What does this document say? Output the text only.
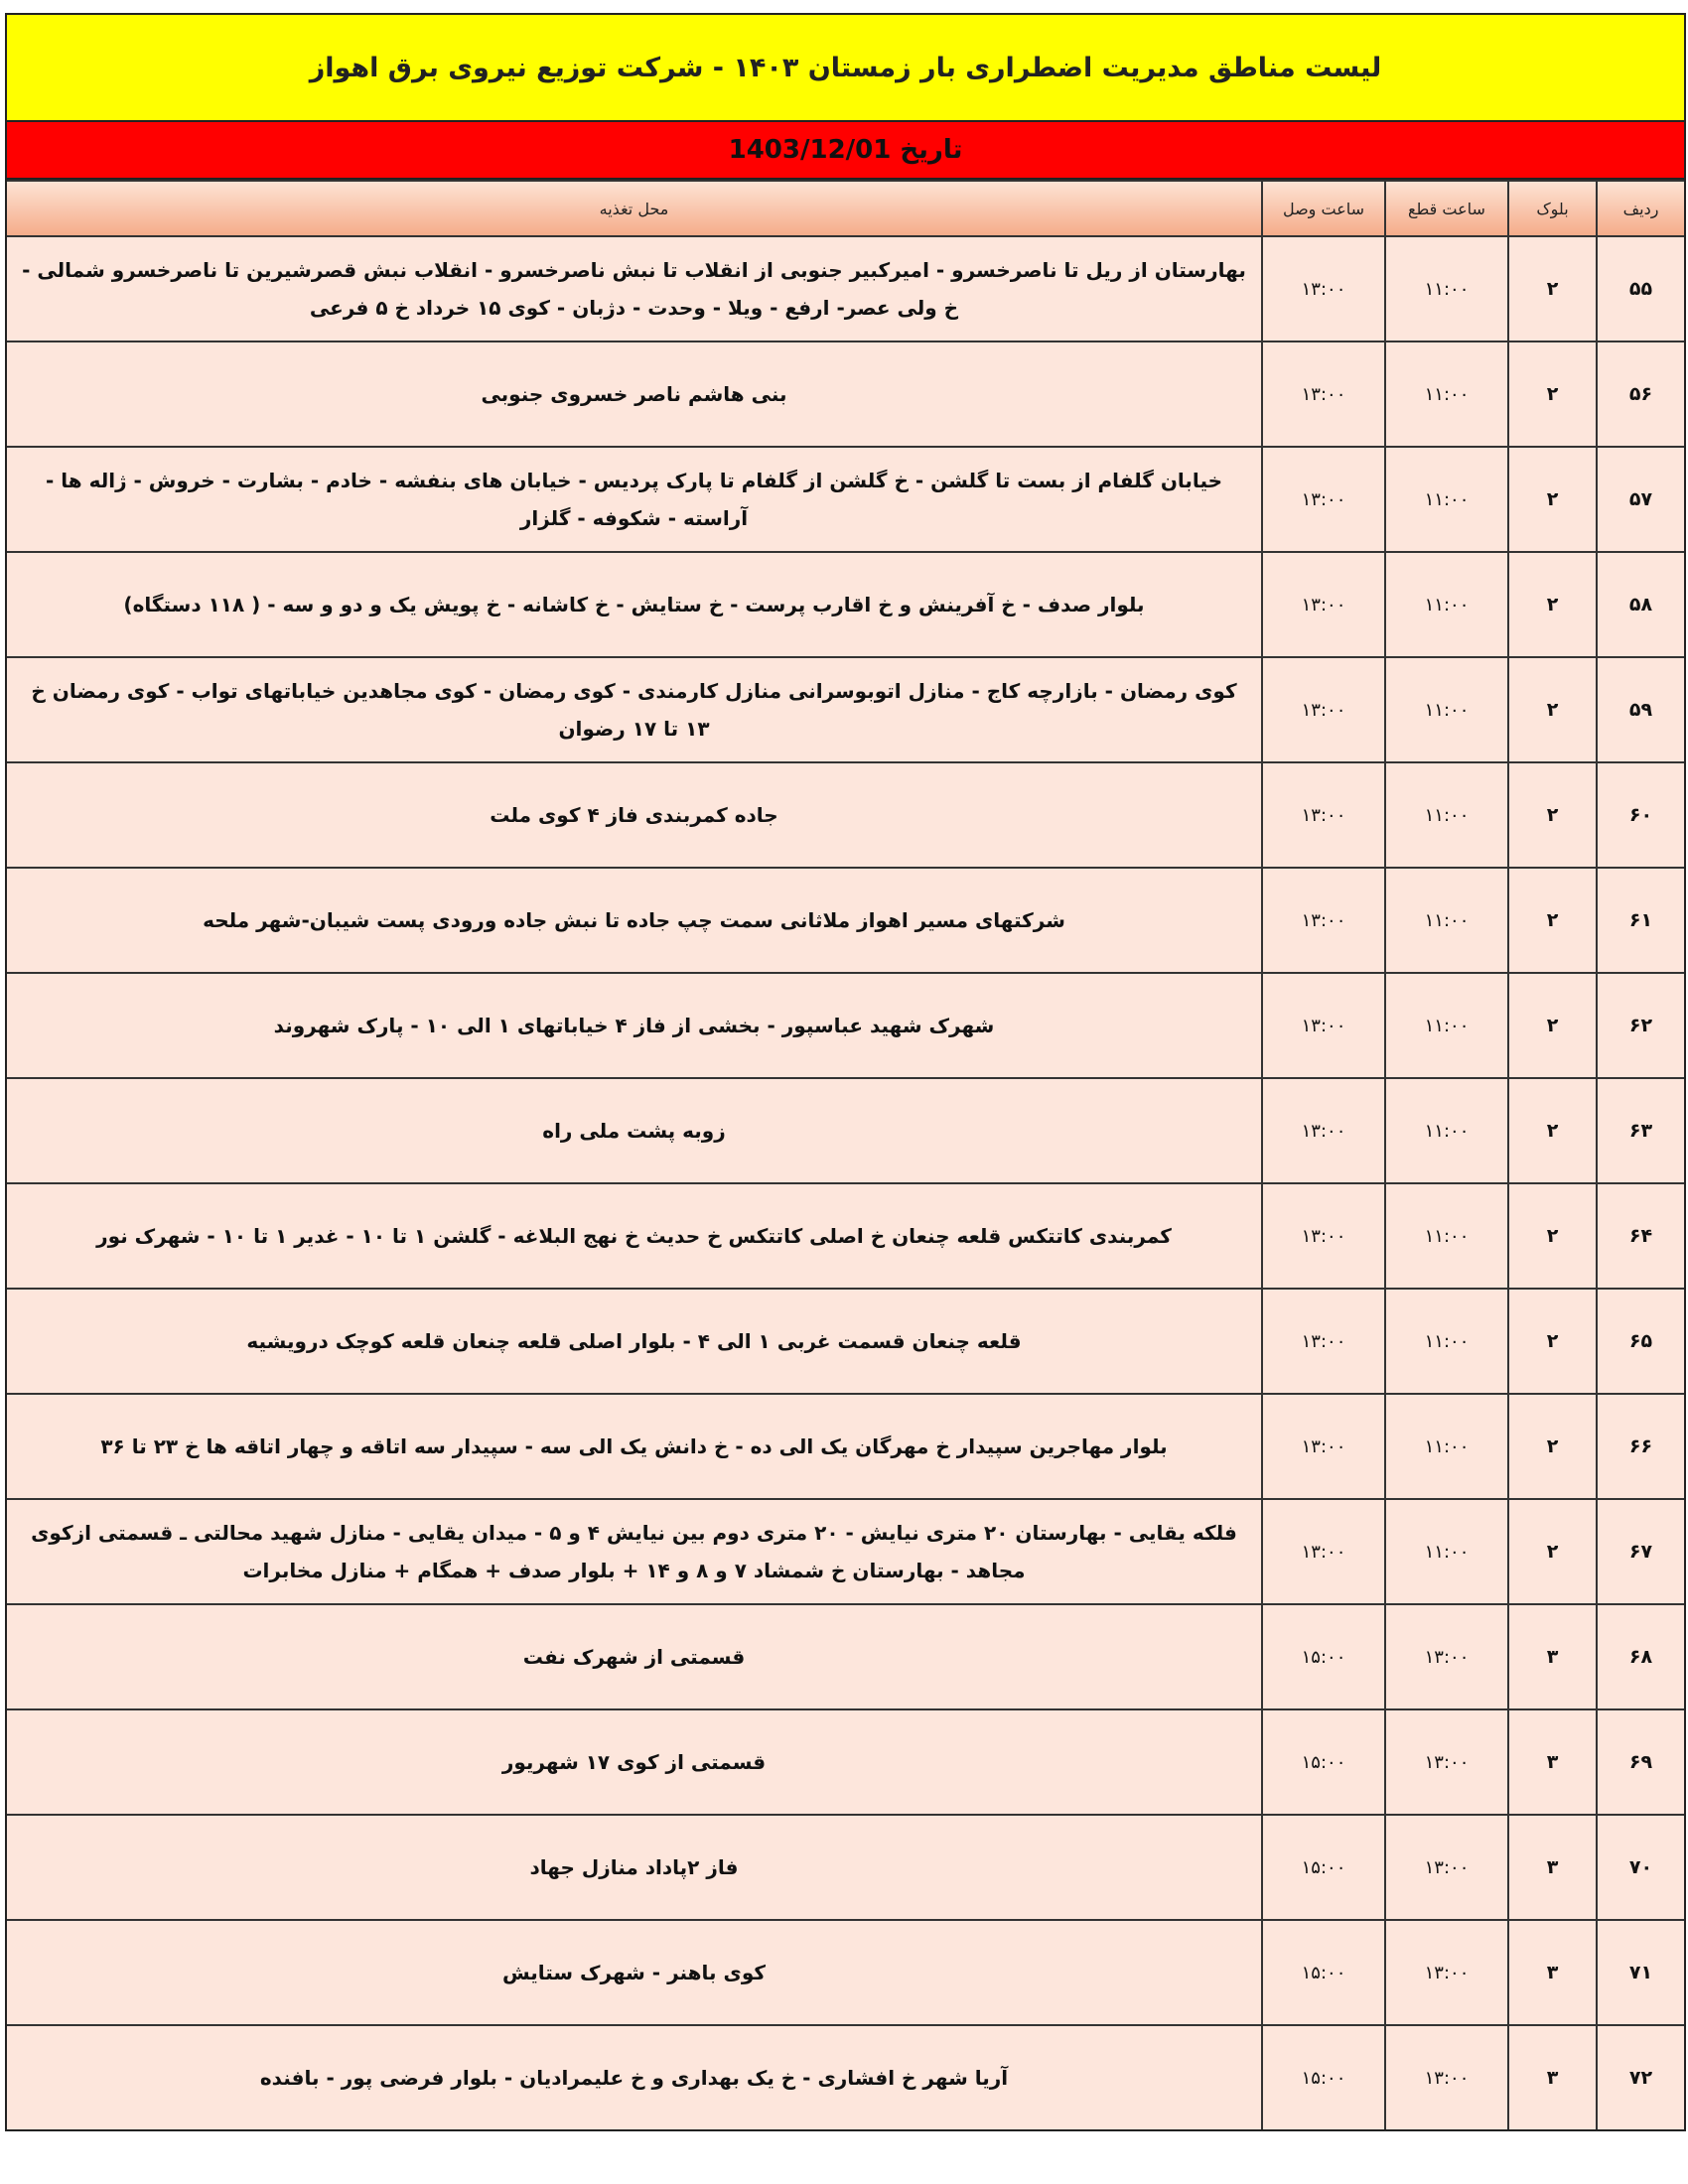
لیست مناطق مدیریت اضطراری بار زمستان ۱۴۰۳ - شرکت توزیع نیروی برق اهواز
تاریخ 1403/12/01
ردیف	بلوک	ساعت قطع	ساعت وصل	محل تغذیه
۵۵	۲	۱۱:۰۰	۱۳:۰۰	بهارستان از ریل تا ناصرخسرو - امیرکبیر جنوبی از انقلاب تا نبش ناصرخسرو - انقلاب نبش قصرشیرین تا ناصرخسرو شمالی - خ ولی عصر- ارفع - ویلا - وحدت - دژبان - کوی ۱۵ خرداد خ ۵ فرعی
۵۶	۲	۱۱:۰۰	۱۳:۰۰	بنی هاشم ناصر خسروی جنوبی
۵۷	۲	۱۱:۰۰	۱۳:۰۰	خیابان گلفام از بست تا گلشن - خ گلشن از گلفام تا پارک پردیس - خیابان های بنفشه - خادم - بشارت - خروش - ژاله ها - آراسته - شکوفه - گلزار
۵۸	۲	۱۱:۰۰	۱۳:۰۰	بلوار صدف - خ آفرینش و خ اقارب پرست - خ ستایش - خ کاشانه - خ پویش یک و دو و سه - ( ۱۱۸ دستگاه)
۵۹	۲	۱۱:۰۰	۱۳:۰۰	کوی رمضان - بازارچه کاج - منازل اتوبوسرانی منازل کارمندی - کوی رمضان - کوی مجاهدین خیاباتهای تواب - کوی رمضان خ ۱۳ تا ۱۷ رضوان
۶۰	۲	۱۱:۰۰	۱۳:۰۰	جاده کمربندی فاز ۴ کوی ملت
۶۱	۲	۱۱:۰۰	۱۳:۰۰	شرکتهای مسیر اهواز ملاثانی سمت چپ جاده تا نبش جاده ورودی پست شیبان-شهر ملحه
۶۲	۲	۱۱:۰۰	۱۳:۰۰	شهرک شهید عباسپور - بخشی از فاز ۴ خیاباتهای ۱ الی ۱۰ - پارک شهروند
۶۳	۲	۱۱:۰۰	۱۳:۰۰	زوبه پشت ملی راه
۶۴	۲	۱۱:۰۰	۱۳:۰۰	کمربندی کاتتکس قلعه چنعان خ اصلی کاتتکس خ حدیث خ نهج البلاغه - گلشن ۱ تا ۱۰ - غدیر ۱ تا ۱۰ - شهرک نور
۶۵	۲	۱۱:۰۰	۱۳:۰۰	قلعه چنعان قسمت غربی ۱ الی ۴ - بلوار اصلی قلعه چنعان قلعه کوچک درویشیه
۶۶	۲	۱۱:۰۰	۱۳:۰۰	بلوار مهاجرین سپیدار خ مهرگان یک الی ده - خ دانش یک الی سه - سپیدار سه اتاقه و چهار اتاقه ها خ ۲۳ تا ۳۶
۶۷	۲	۱۱:۰۰	۱۳:۰۰	فلکه یقایی - بهارستان ۲۰ متری نیایش - ۲۰ متری دوم بین نیایش ۴ و ۵ - میدان یقایی - منازل شهید محالتی ـ قسمتی ازکوی مجاهد - بهارستان خ شمشاد ۷ و ۸ و ۱۴ + بلوار صدف + همگام + منازل مخابرات
۶۸	۳	۱۳:۰۰	۱۵:۰۰	قسمتی از شهرک نفت
۶۹	۳	۱۳:۰۰	۱۵:۰۰	قسمتی از کوی ۱۷ شهریور
۷۰	۳	۱۳:۰۰	۱۵:۰۰	فاز ۲پاداد منازل جهاد
۷۱	۳	۱۳:۰۰	۱۵:۰۰	کوی باهنر - شهرک ستایش
۷۲	۳	۱۳:۰۰	۱۵:۰۰	آریا شهر خ افشاری - خ یک بهداری و خ علیمرادیان - بلوار فرضی پور - بافنده
